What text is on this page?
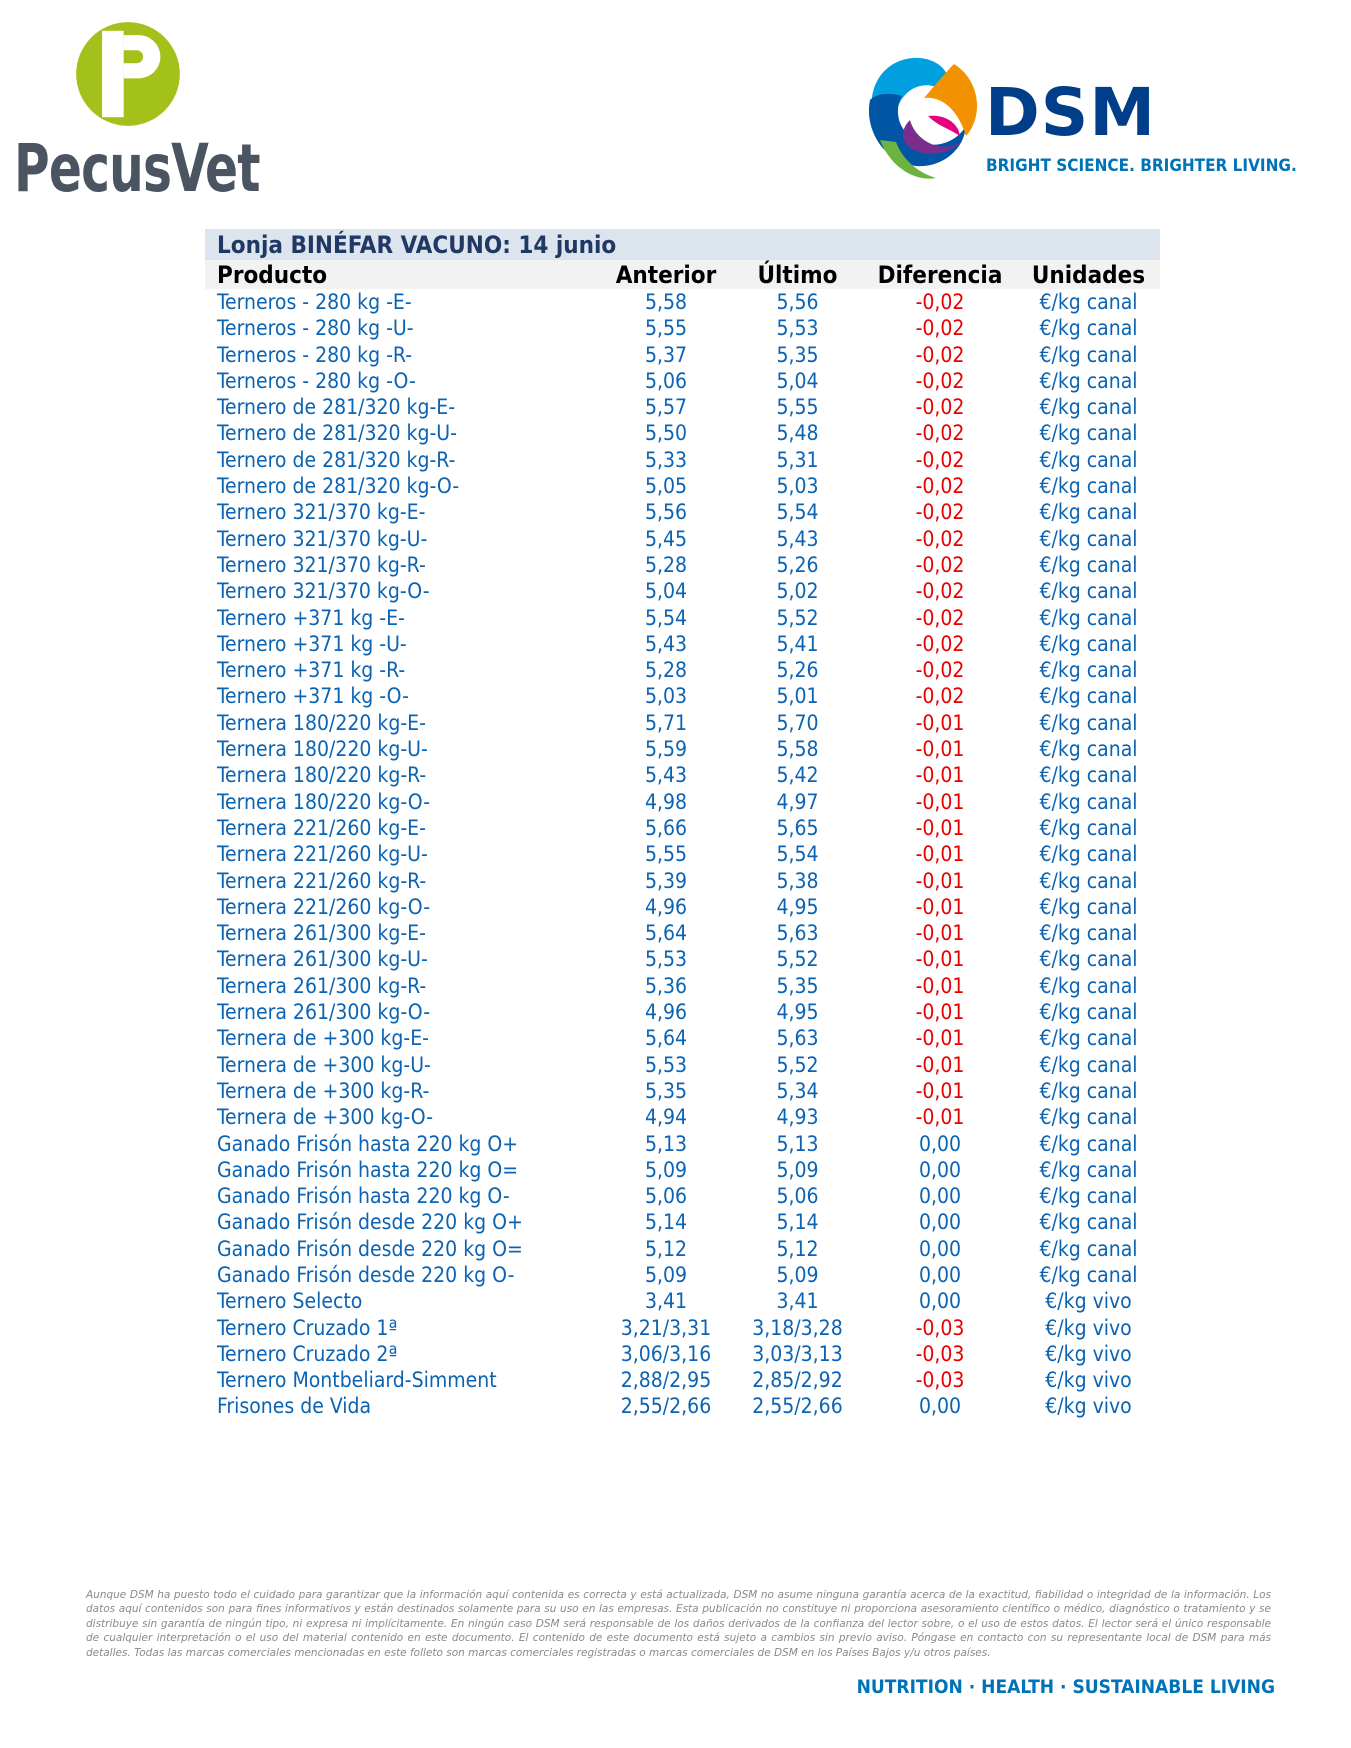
PecusVet
DSM
BRIGHT SCIENCE. BRIGHTER LIVING.
Lonja BINÉFAR VACUNO: 14 junio
Producto	Anterior	Último	Diferencia	Unidades
Terneros - 280 kg -E-	5,58	5,56	-0,02	€/kg canal
Terneros - 280 kg -U-	5,55	5,53	-0,02	€/kg canal
Terneros - 280 kg -R-	5,37	5,35	-0,02	€/kg canal
Terneros - 280 kg -O-	5,06	5,04	-0,02	€/kg canal
Ternero de 281/320 kg-E-	5,57	5,55	-0,02	€/kg canal
Ternero de 281/320 kg-U-	5,50	5,48	-0,02	€/kg canal
Ternero de 281/320 kg-R-	5,33	5,31	-0,02	€/kg canal
Ternero de 281/320 kg-O-	5,05	5,03	-0,02	€/kg canal
Ternero 321/370 kg-E-	5,56	5,54	-0,02	€/kg canal
Ternero 321/370 kg-U-	5,45	5,43	-0,02	€/kg canal
Ternero 321/370 kg-R-	5,28	5,26	-0,02	€/kg canal
Ternero 321/370 kg-O-	5,04	5,02	-0,02	€/kg canal
Ternero +371 kg -E-	5,54	5,52	-0,02	€/kg canal
Ternero +371 kg -U-	5,43	5,41	-0,02	€/kg canal
Ternero +371 kg -R-	5,28	5,26	-0,02	€/kg canal
Ternero +371 kg -O-	5,03	5,01	-0,02	€/kg canal
Ternera 180/220 kg-E-	5,71	5,70	-0,01	€/kg canal
Ternera 180/220 kg-U-	5,59	5,58	-0,01	€/kg canal
Ternera 180/220 kg-R-	5,43	5,42	-0,01	€/kg canal
Ternera 180/220 kg-O-	4,98	4,97	-0,01	€/kg canal
Ternera 221/260 kg-E-	5,66	5,65	-0,01	€/kg canal
Ternera 221/260 kg-U-	5,55	5,54	-0,01	€/kg canal
Ternera 221/260 kg-R-	5,39	5,38	-0,01	€/kg canal
Ternera 221/260 kg-O-	4,96	4,95	-0,01	€/kg canal
Ternera 261/300 kg-E-	5,64	5,63	-0,01	€/kg canal
Ternera 261/300 kg-U-	5,53	5,52	-0,01	€/kg canal
Ternera 261/300 kg-R-	5,36	5,35	-0,01	€/kg canal
Ternera 261/300 kg-O-	4,96	4,95	-0,01	€/kg canal
Ternera de +300 kg-E-	5,64	5,63	-0,01	€/kg canal
Ternera de +300 kg-U-	5,53	5,52	-0,01	€/kg canal
Ternera de +300 kg-R-	5,35	5,34	-0,01	€/kg canal
Ternera de +300 kg-O-	4,94	4,93	-0,01	€/kg canal
Ganado Frisón hasta 220 kg O+	5,13	5,13	0,00	€/kg canal
Ganado Frisón hasta 220 kg O=	5,09	5,09	0,00	€/kg canal
Ganado Frisón hasta 220 kg O-	5,06	5,06	0,00	€/kg canal
Ganado Frisón desde 220 kg O+	5,14	5,14	0,00	€/kg canal
Ganado Frisón desde 220 kg O=	5,12	5,12	0,00	€/kg canal
Ganado Frisón desde 220 kg O-	5,09	5,09	0,00	€/kg canal
Ternero Selecto	3,41	3,41	0,00	€/kg vivo
Ternero Cruzado 1ª	3,21/3,31	3,18/3,28	-0,03	€/kg vivo
Ternero Cruzado 2ª	3,06/3,16	3,03/3,13	-0,03	€/kg vivo
Ternero Montbeliard-Simment	2,88/2,95	2,85/2,92	-0,03	€/kg vivo
Frisones de Vida	2,55/2,66	2,55/2,66	0,00	€/kg vivo
Aunque DSM ha puesto todo el cuidado para garantizar que la información aquí contenida es correcta y está actualizada, DSM no asume ninguna garantía acerca de la exactitud, fiabilidad o integridad de la información. Los datos aquí contenidos son para fines informativos y están destinados solamente para su uso en las empresas. Esta publicación no constituye ni proporciona asesoramiento científico o médico, diagnóstico o tratamiento y se distribuye sin garantía de ningún tipo, ni expresa ni implícitamente. En ningún caso DSM será responsable de los daños derivados de la confianza del lector sobre, o el uso de estos datos. El lector será el único responsable de cualquier interpretación o el uso del material contenido en este documento. El contenido de este documento está sujeto a cambios sin previo aviso. Póngase en contacto con su representante local de DSM para más detalles. Todas las marcas comerciales mencionadas en este folleto son marcas comerciales registradas o marcas comerciales de DSM en los Países Bajos y/u otros países.
NUTRITION · HEALTH · SUSTAINABLE LIVING
